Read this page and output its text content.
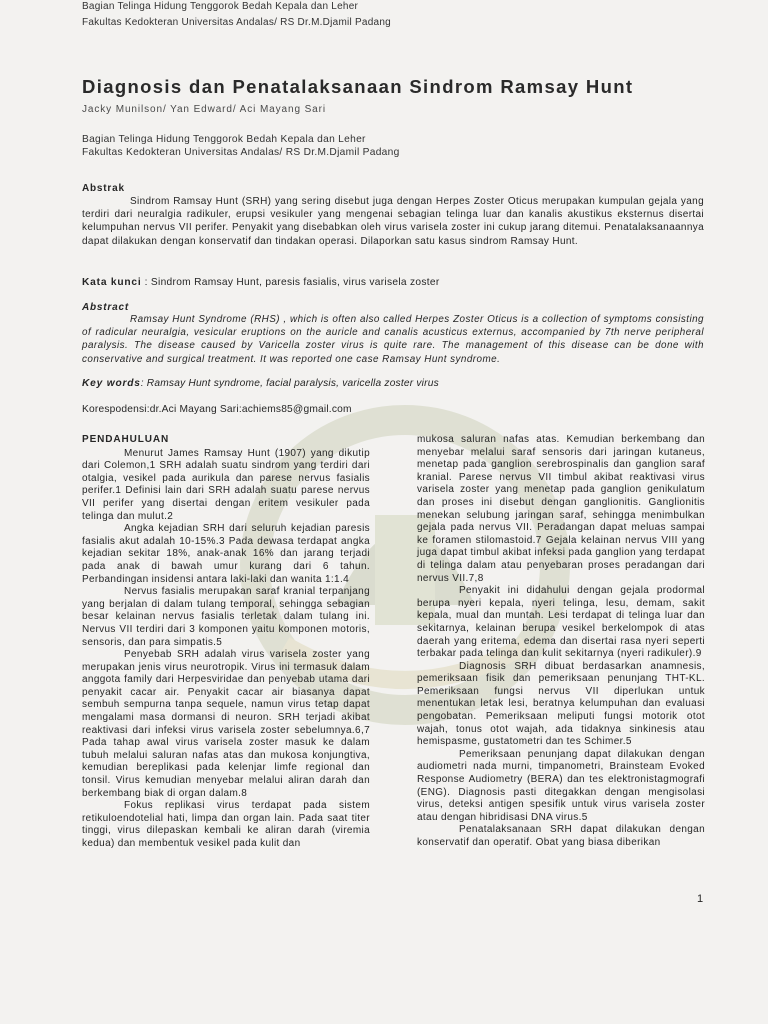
Bagian Telinga Hidung Tenggorok Bedah Kepala dan Leher
Fakultas Kedokteran Universitas Andalas/ RS Dr.M.Djamil Padang
Diagnosis dan Penatalaksanaan Sindrom Ramsay Hunt
Jacky Munilson/ Yan Edward/ Aci Mayang Sari
Bagian Telinga Hidung Tenggorok Bedah Kepala dan Leher
Fakultas Kedokteran Universitas Andalas/ RS Dr.M.Djamil Padang
Abstrak
Sindrom Ramsay Hunt (SRH) yang sering disebut juga dengan Herpes Zoster Oticus merupakan kumpulan gejala yang terdiri dari neuralgia radikuler, erupsi vesikuler yang mengenai sebagian telinga luar dan kanalis akustikus eksternus disertai kelumpuhan nervus VII perifer. Penyakit yang disebabkan oleh virus varisela zoster ini cukup jarang ditemui. Penatalaksanaannya dapat dilakukan dengan konservatif dan tindakan operasi. Dilaporkan satu kasus sindrom Ramsay Hunt.
Kata kunci : Sindrom Ramsay Hunt, paresis fasialis, virus varisela zoster
Abstract
Ramsay Hunt Syndrome (RHS) , which is often also called Herpes Zoster Oticus is a collection of symptoms consisting of radicular neuralgia, vesicular eruptions on the auricle and canalis acusticus externus, accompanied by 7th nerve peripheral paralysis. The disease caused by Varicella zoster virus is quite rare. The management of this disease can be done with conservative and surgical treatment. It was reported one case Ramsay Hunt syndrome.
Key words: Ramsay Hunt syndrome, facial paralysis, varicella zoster virus
Korespodensi:dr.Aci Mayang Sari:achiems85@gmail.com
PENDAHULUAN

Menurut James Ramsay Hunt (1907) yang dikutip dari Colemon,1 SRH adalah suatu sindrom yang terdiri dari otalgia, vesikel pada aurikula dan parese nervus fasialis perifer.1 Definisi lain dari SRH adalah suatu parese nervus VII perifer yang disertai dengan eritem vesikuler pada telinga dan mulut.2

Angka kejadian SRH dari seluruh kejadian paresis fasialis akut adalah 10-15%.3 Pada dewasa terdapat angka kejadian sekitar 18%, anak-anak 16% dan jarang terjadi pada anak di bawah umur kurang dari 6 tahun. Perbandingan insidensi antara laki-laki dan wanita 1:1.4

Nervus fasialis merupakan saraf kranial terpanjang yang berjalan di dalam tulang temporal, sehingga sebagian besar kelainan nervus fasialis terletak dalam tulang ini. Nervus VII terdiri dari 3 komponen yaitu komponen motoris, sensoris, dan para simpatis.5

Penyebab SRH adalah virus varisela zoster yang merupakan jenis virus neurotropik. Virus ini termasuk dalam anggota family dari Herpesviridae dan penyebab utama dari penyakit cacar air. Penyakit cacar air biasanya dapat sembuh sempurna tanpa sequele, namun virus tetap dapat mengalami masa dormansi di neuron. SRH terjadi akibat reaktivasi dari infeksi virus varisela zoster sebelumnya.6,7 Pada tahap awal virus varisela zoster masuk ke dalam tubuh melalui saluran nafas atas dan mukosa konjungtiva, kemudian bereplikasi pada kelenjar limfe regional dan tonsil. Virus kemudian menyebar melalui aliran darah dan berkembang biak di organ dalam.8

Fokus replikasi virus terdapat pada sistem retikuloendotelial hati, limpa dan organ lain. Pada saat titer tinggi, virus dilepaskan kembali ke aliran darah (viremia kedua) dan membentuk vesikel pada kulit dan

mukosa saluran nafas atas. Kemudian berkembang dan menyebar melalui saraf sensoris dari jaringan kutaneus, menetap pada ganglion serebrospinalis dan ganglion saraf kranial. Parese nervus VII timbul akibat reaktivasi virus varisela zoster yang menetap pada ganglion genikulatum dan proses ini disebut dengan ganglionitis. Ganglionitis menekan selubung jaringan saraf, sehingga menimbulkan gejala pada nervus VII. Peradangan dapat meluas sampai ke foramen stilomastoid.7 Gejala kelainan nervus VIII yang juga dapat timbul akibat infeksi pada ganglion yang terdapat di telinga dalam atau penyebaran proses peradangan dari nervus VII.7,8

Penyakit ini didahului dengan gejala prodormal berupa nyeri kepala, nyeri telinga, lesu, demam, sakit kepala, mual dan muntah. Lesi terdapat di telinga luar dan sekitarnya, kelainan berupa vesikel berkelompok di atas daerah yang eritema, edema dan disertai rasa nyeri seperti terbakar pada telinga dan kulit sekitarnya (nyeri radikuler).9

Diagnosis SRH dibuat berdasarkan anamnesis, pemeriksaan fisik dan pemeriksaan penunjang THT-KL. Pemeriksaan fungsi nervus VII diperlukan untuk menentukan letak lesi, beratnya kelumpuhan dan evaluasi pengobatan. Pemeriksaan meliputi fungsi motorik otot wajah, tonus otot wajah, ada tidaknya sinkinesis atau hemispasme, gustatometri dan tes Schimer.5

Pemeriksaan penunjang dapat dilakukan dengan audiometri nada murni, timpanometri, Brainsteam Evoked Response Audiometry (BERA) dan tes elektronistagmografi (ENG). Diagnosis pasti ditegakkan dengan mengisolasi virus, deteksi antigen spesifik untuk virus varisela zoster atau dengan hibridisasi DNA virus.5

Penatalaksanaan SRH dapat dilakukan dengan konservatif dan operatif. Obat yang biasa diberikan

1
